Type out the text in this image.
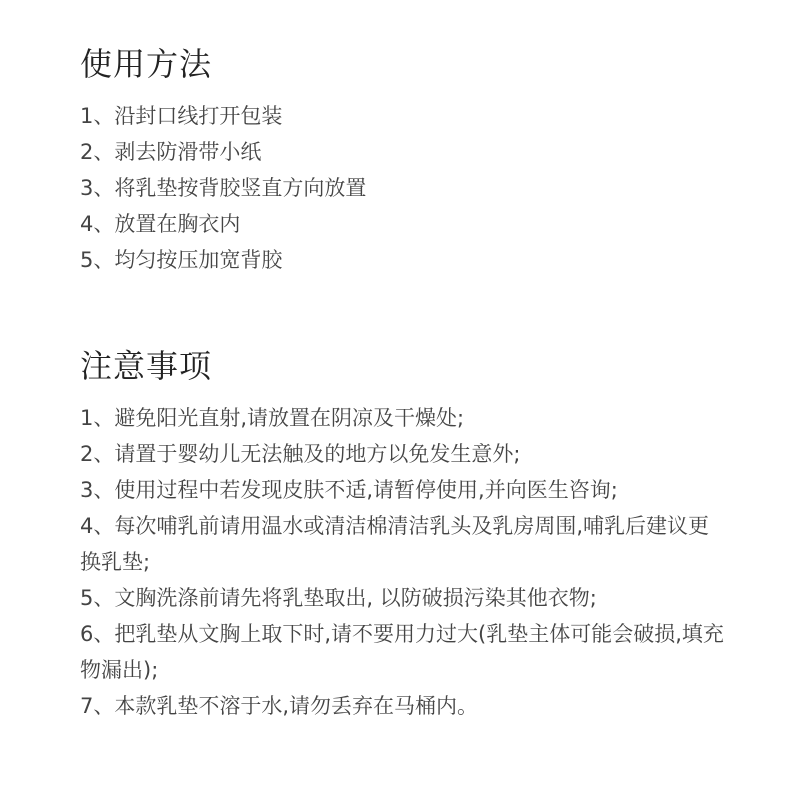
使用方法
1、沿封口线打开包装
2、剥去防滑带小纸
3、将乳垫按背胶竖直方向放置
4、放置在胸衣内
5、均匀按压加宽背胶
注意事项
1、避免阳光直射,请放置在阴凉及干燥处;
2、请置于婴幼儿无法触及的地方以免发生意外;
3、使用过程中若发现皮肤不适,请暂停使用,并向医生咨询;
4、每次哺乳前请用温水或清洁棉清洁乳头及乳房周围,哺乳后建议更换乳垫;
5、文胸洗涤前请先将乳垫取出, 以防破损污染其他衣物;
6、把乳垫从文胸上取下时,请不要用力过大(乳垫主体可能会破损,填充物漏出);
7、本款乳垫不溶于水,请勿丢弃在马桶内。
